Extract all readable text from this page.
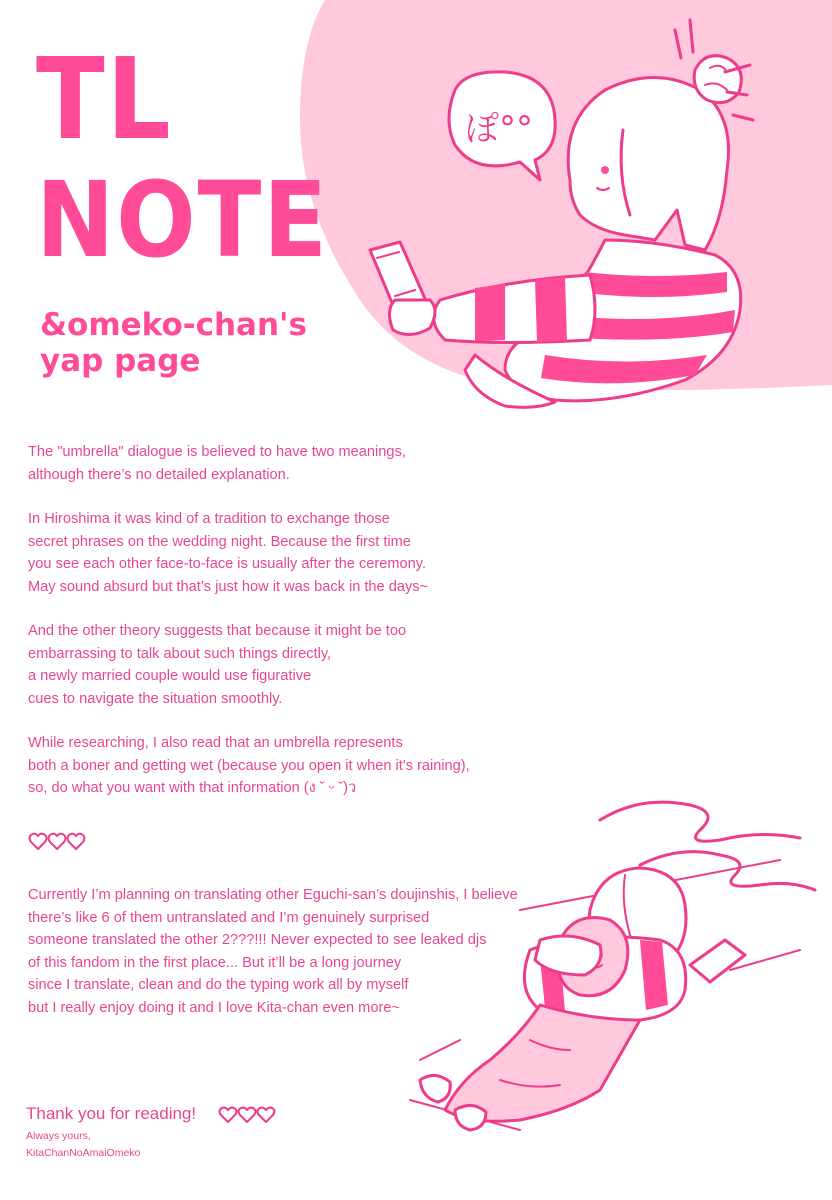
TL
NOTE
&omeko-chan's
yap page
ぽ°°
The "umbrella" dialogue is believed to have two meanings,
although there’s no detailed explanation.
In Hiroshima it was kind of a tradition to exchange those
secret phrases on the wedding night. Because the first time
you see each other face-to-face is usually after the ceremony.
May sound absurd but that’s just how it was back in the days~
And the other theory suggests that because it might be too
embarrassing to talk about such things directly,
a newly married couple would use figurative
cues to navigate the situation smoothly.
While researching, I also read that an umbrella represents
both a boner and getting wet (because you open it when it's raining),
so, do what you want with that information (ง ˘ ᵕ ˘)ว
Currently I’m planning on translating other Eguchi-san’s doujinshis, I believe
there’s like 6 of them untranslated and I’m genuinely surprised
someone translated the other 2???!!! Never expected to see leaked djs
of this fandom in the first place... But it’ll be a long journey
since I translate, clean and do the typing work all by myself
but I really enjoy doing it and I love Kita-chan even more~
Thank you for reading!
Always yours,
KitaChanNoAmaiOmeko
